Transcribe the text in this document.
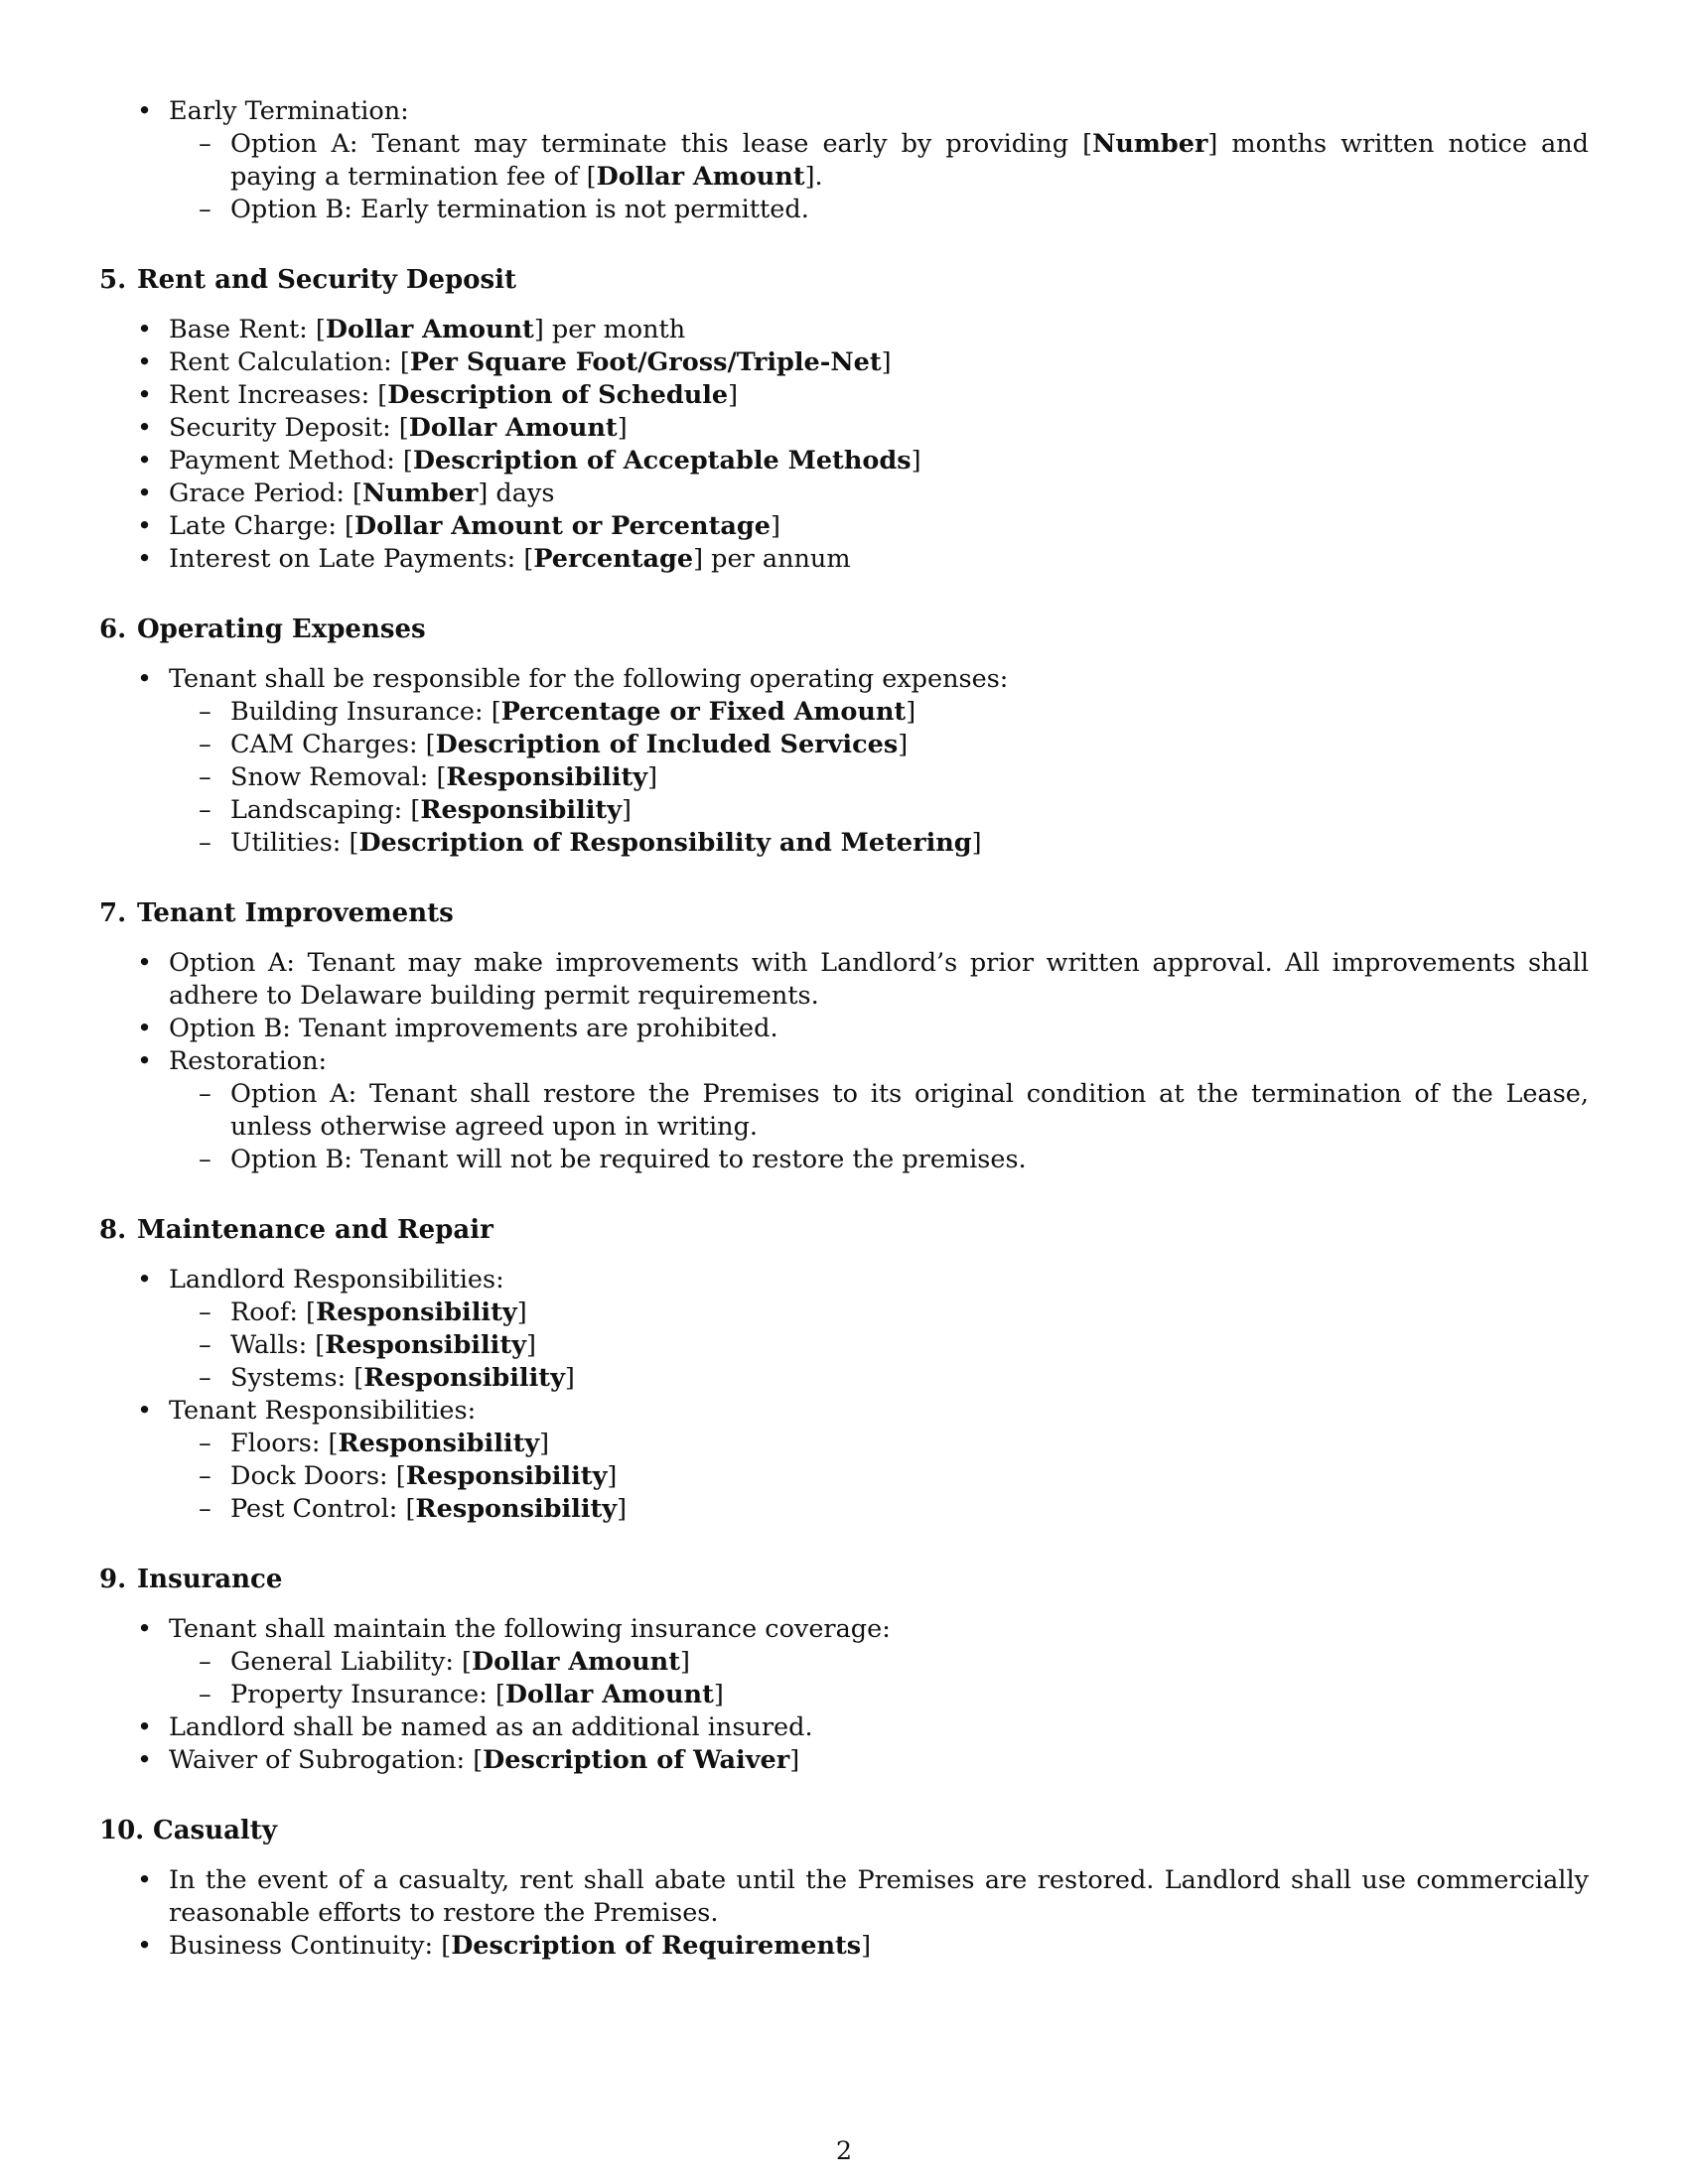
• Early Termination:
– Option A: Tenant may terminate this lease early by providing [Number] months written notice and paying a termination fee of [Dollar Amount].
– Option B: Early termination is not permitted.
5. Rent and Security Deposit
• Base Rent: [Dollar Amount] per month
• Rent Calculation: [Per Square Foot/Gross/Triple-Net]
• Rent Increases: [Description of Schedule]
• Security Deposit: [Dollar Amount]
• Payment Method: [Description of Acceptable Methods]
• Grace Period: [Number] days
• Late Charge: [Dollar Amount or Percentage]
• Interest on Late Payments: [Percentage] per annum
6. Operating Expenses
• Tenant shall be responsible for the following operating expenses:
– Building Insurance: [Percentage or Fixed Amount]
– CAM Charges: [Description of Included Services]
– Snow Removal: [Responsibility]
– Landscaping: [Responsibility]
– Utilities: [Description of Responsibility and Metering]
7. Tenant Improvements
• Option A: Tenant may make improvements with Landlord’s prior written approval. All improvements shall adhere to Delaware building permit requirements.
• Option B: Tenant improvements are prohibited.
• Restoration:
– Option A: Tenant shall restore the Premises to its original condition at the termination of the Lease, unless otherwise agreed upon in writing.
– Option B: Tenant will not be required to restore the premises.
8. Maintenance and Repair
• Landlord Responsibilities:
– Roof: [Responsibility]
– Walls: [Responsibility]
– Systems: [Responsibility]
• Tenant Responsibilities:
– Floors: [Responsibility]
– Dock Doors: [Responsibility]
– Pest Control: [Responsibility]
9. Insurance
• Tenant shall maintain the following insurance coverage:
– General Liability: [Dollar Amount]
– Property Insurance: [Dollar Amount]
• Landlord shall be named as an additional insured.
• Waiver of Subrogation: [Description of Waiver]
10. Casualty
• In the event of a casualty, rent shall abate until the Premises are restored. Landlord shall use commercially reasonable efforts to restore the Premises.
• Business Continuity: [Description of Requirements]
2
